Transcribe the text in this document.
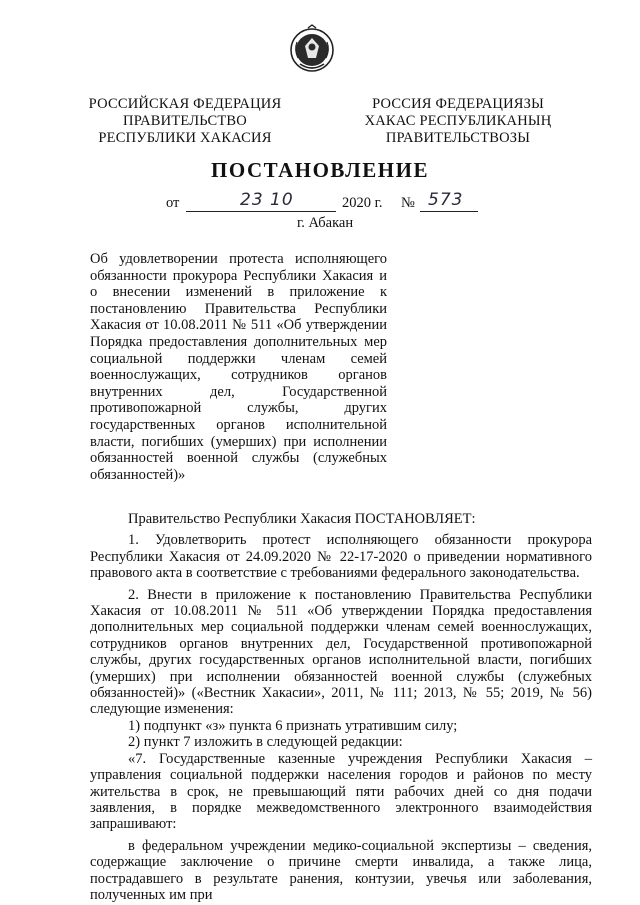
РОССИЙСКАЯ ФЕДЕРАЦИЯ
ПРАВИТЕЛЬСТВО
РЕСПУБЛИКИ ХАКАСИЯ
РОССИЯ ФЕДЕРАЦИЯЗЫ
ХАКАС РЕСПУБЛИКАНЫҢ
ПРАВИТЕЛЬСТВОЗЫ
ПОСТАНОВЛЕНИЕ
от	23 10	2020 г. № 573
г. Абакан
Об удовлетворении протеста исполняющего обязанности прокурора Республики Хакасия и о внесении изменений в приложение к постановлению Правительства Республики Хакасия от 10.08.2011 № 511 «Об утверждении Порядка предоставления дополнительных мер социальной поддержки членам семей военнослужащих, сотрудников органов внутренних дел, Государственной противопожарной службы, других государственных органов исполнительной власти, погибших (умерших) при исполнении обязанностей военной службы (служебных обязанностей)»

Правительство Республики Хакасия ПОСТАНОВЛЯЕТ:

1. Удовлетворить протест исполняющего обязанности прокурора Республики Хакасия от 24.09.2020 № 22-17-2020 о приведении нормативного правового акта в соответствие с требованиями федерального законодательства.

2. Внести в приложение к постановлению Правительства Республики Хакасия от 10.08.2011 № 511 «Об утверждении Порядка предоставления дополнительных мер социальной поддержки членам семей военнослужащих, сотрудников органов внутренних дел, Государственной противопожарной службы, других государственных органов исполнительной власти, погибших (умерших) при исполнении обязанностей военной службы (служебных обязанностей)» («Вестник Хакасии», 2011, № 111; 2013, № 55; 2019, № 56) следующие изменения:

1) подпункт «з» пункта 6 признать утратившим силу;

2) пункт 7 изложить в следующей редакции:

«7. Государственные казенные учреждения Республики Хакасия – управления социальной поддержки населения городов и районов по месту жительства в срок, не превышающий пяти рабочих дней со дня подачи заявления, в порядке межведомственного электронного взаимодействия запрашивают:

в федеральном учреждении медико-социальной экспертизы – сведения, содержащие заключение о причине смерти инвалида, а также лица, пострадавшего в результате ранения, контузии, увечья или заболевания, полученных им при
